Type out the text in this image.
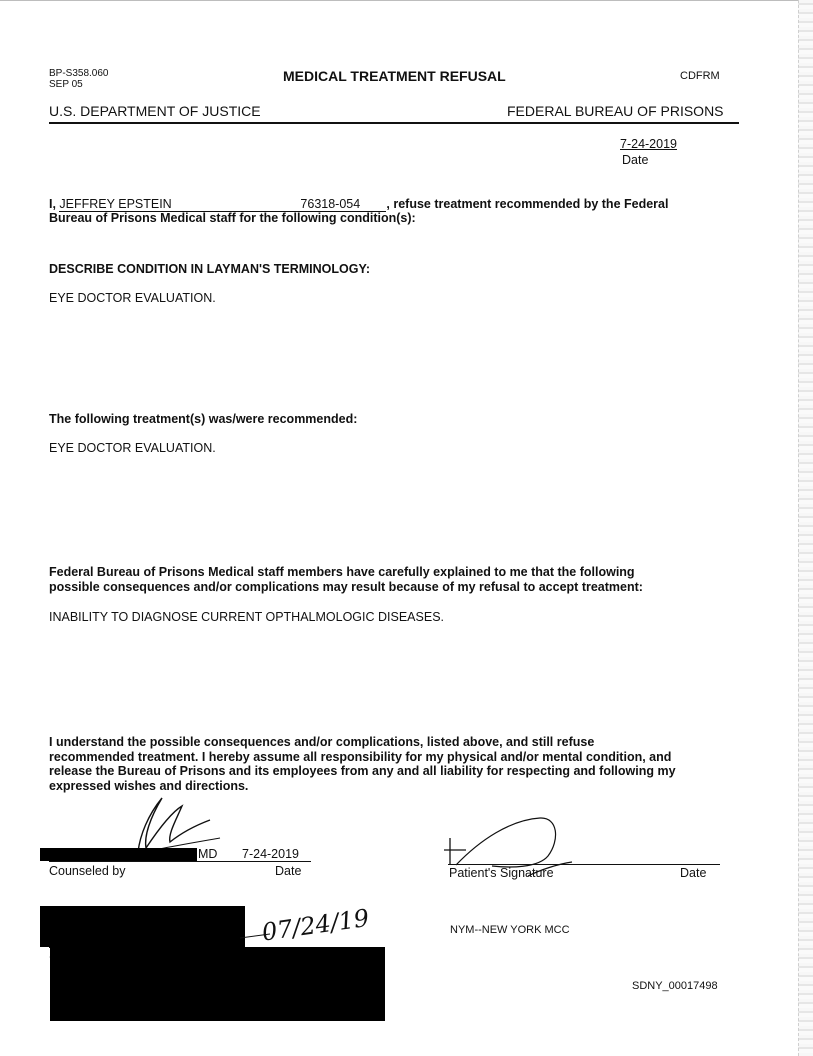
BP-S358.060
SEP 05
MEDICAL TREATMENT REFUSAL	CDFRM
U.S. DEPARTMENT OF JUSTICE	FEDERAL BUREAU OF PRISONS
7-24-2019
Date
I, JEFFREY EPSTEIN	76318-054 , refuse treatment recommended by the Federal
Bureau of Prisons Medical staff for the following condition(s):
DESCRIBE CONDITION IN LAYMAN'S TERMINOLOGY:
EYE DOCTOR EVALUATION.
The following treatment(s) was/were recommended:
EYE DOCTOR EVALUATION.
Federal Bureau of Prisons Medical staff members have carefully explained to me that the following
possible consequences and/or complications may result because of my refusal to accept treatment:
INABILITY TO DIAGNOSE CURRENT OPTHALMOLOGIC DISEASES.
I understand the possible consequences and/or complications, listed above, and still refuse
recommended treatment. I hereby assume all responsibility for my physical and/or mental condition, and
release the Bureau of Prisons and its employees from any and all liability for respecting and following my
expressed wishes and directions.
MD 7-24-2019
Counseled by	Date	Patient's Signature	Date
07/24/19	NYM--NEW YORK MCC
SDNY_00017498
